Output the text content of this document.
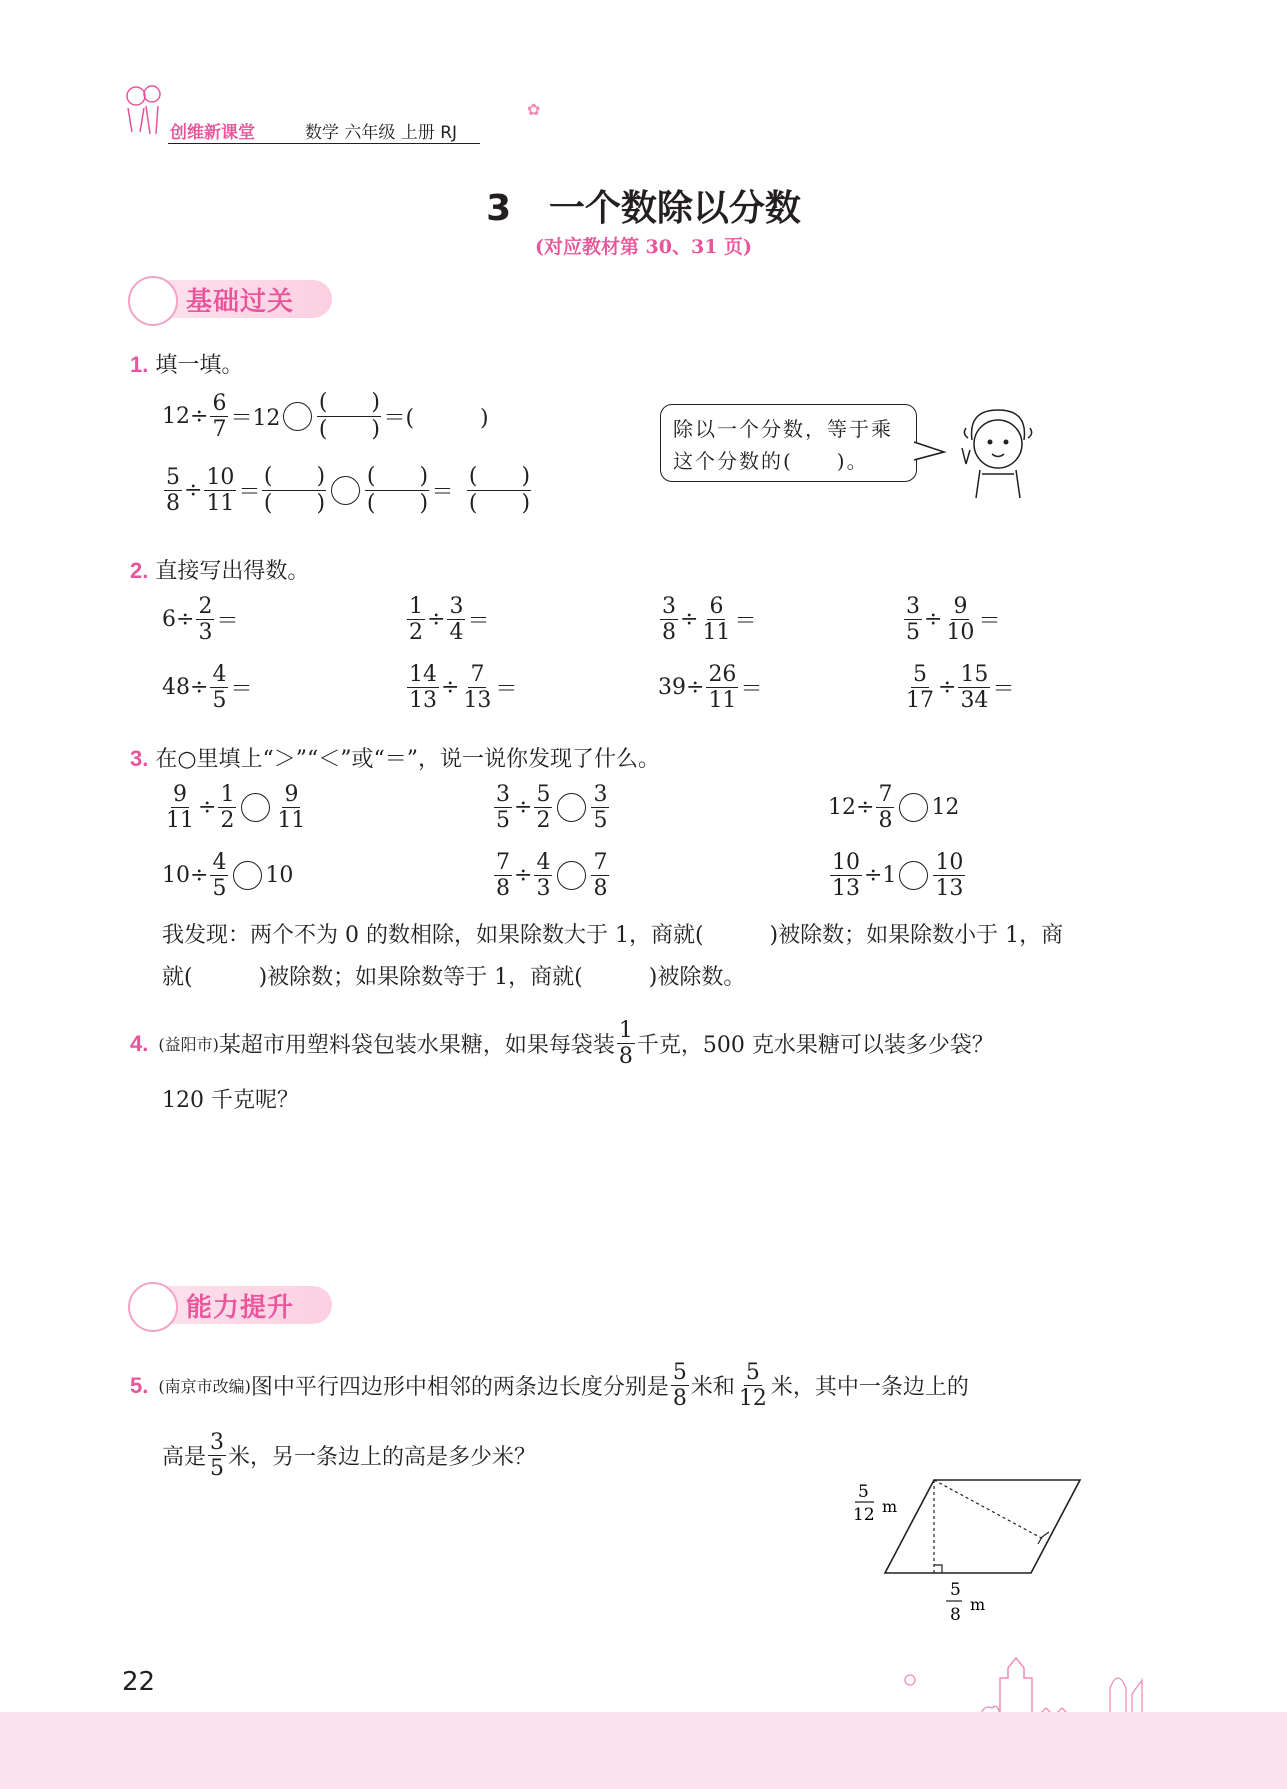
创维新课堂	数学 六年级 上册 RJ
✿
3   一个数除以分数
(对应教材第 30、31 页)
基础过关
1. 填一填。
$12\div \frac{6}{7} =12$
(　　)
(　　) ＝(　　　)
$\frac{5}{8} \div \frac{10}{11}$ ＝
(　　)
(　　)
(　　)
(　　) ＝
(　　)
(　　)
除以一个分数，等于乘这个分数的(　　)。
2. 直接写出得数。
$6\div \frac{2}{3}$ ＝	$\frac{1}{2} \div \frac{3}{4}$ ＝	$\frac{3}{8} \div \frac{6}{11}$ ＝	$\frac{3}{5} \div \frac{9}{10}$ ＝
$48\div \frac{4}{5}$ ＝	$\frac{14}{13} \div \frac{7}{13}$ ＝	$39\div \frac{26}{11}$ ＝	$\frac{5}{17} \div \frac{15}{34}$ ＝
3. 在○里填上“＞”“＜”或“＝”，说一说你发现了什么。
$\frac{9}{11} \div \frac{1}{2} \frac{9}{11}$	$\frac{3}{5} \div \frac{5}{2} \frac{3}{5}$	$12\div \frac{7}{8} 12$
$10\div \frac{4}{5} 10$	$\frac{7}{8} \div \frac{4}{3} \frac{7}{8}$	$\frac{10}{13} \div 1 \frac{10}{13}$
我发现：两个不为 0 的数相除，如果除数大于 1，商就(　　　)被除数；如果除数小于 1，商
就(　　　)被除数；如果除数等于 1，商就(　　　)被除数。
4. (益阳市) 某超市用塑料袋包装水果糖，如果每袋装 $\frac{1}{8}$ 千克，500 克水果糖可以装多少袋？
120 千克呢？
能力提升
5. (南京市改编) 图中平行四边形中相邻的两条边长度分别是 $\frac{5}{8}$ 米和 $\frac{5}{12}$ 米，其中一条边上的
高是 $\frac{3}{5}$ 米，另一条边上的高是多少米？
5
12 m
5
8
m
22
